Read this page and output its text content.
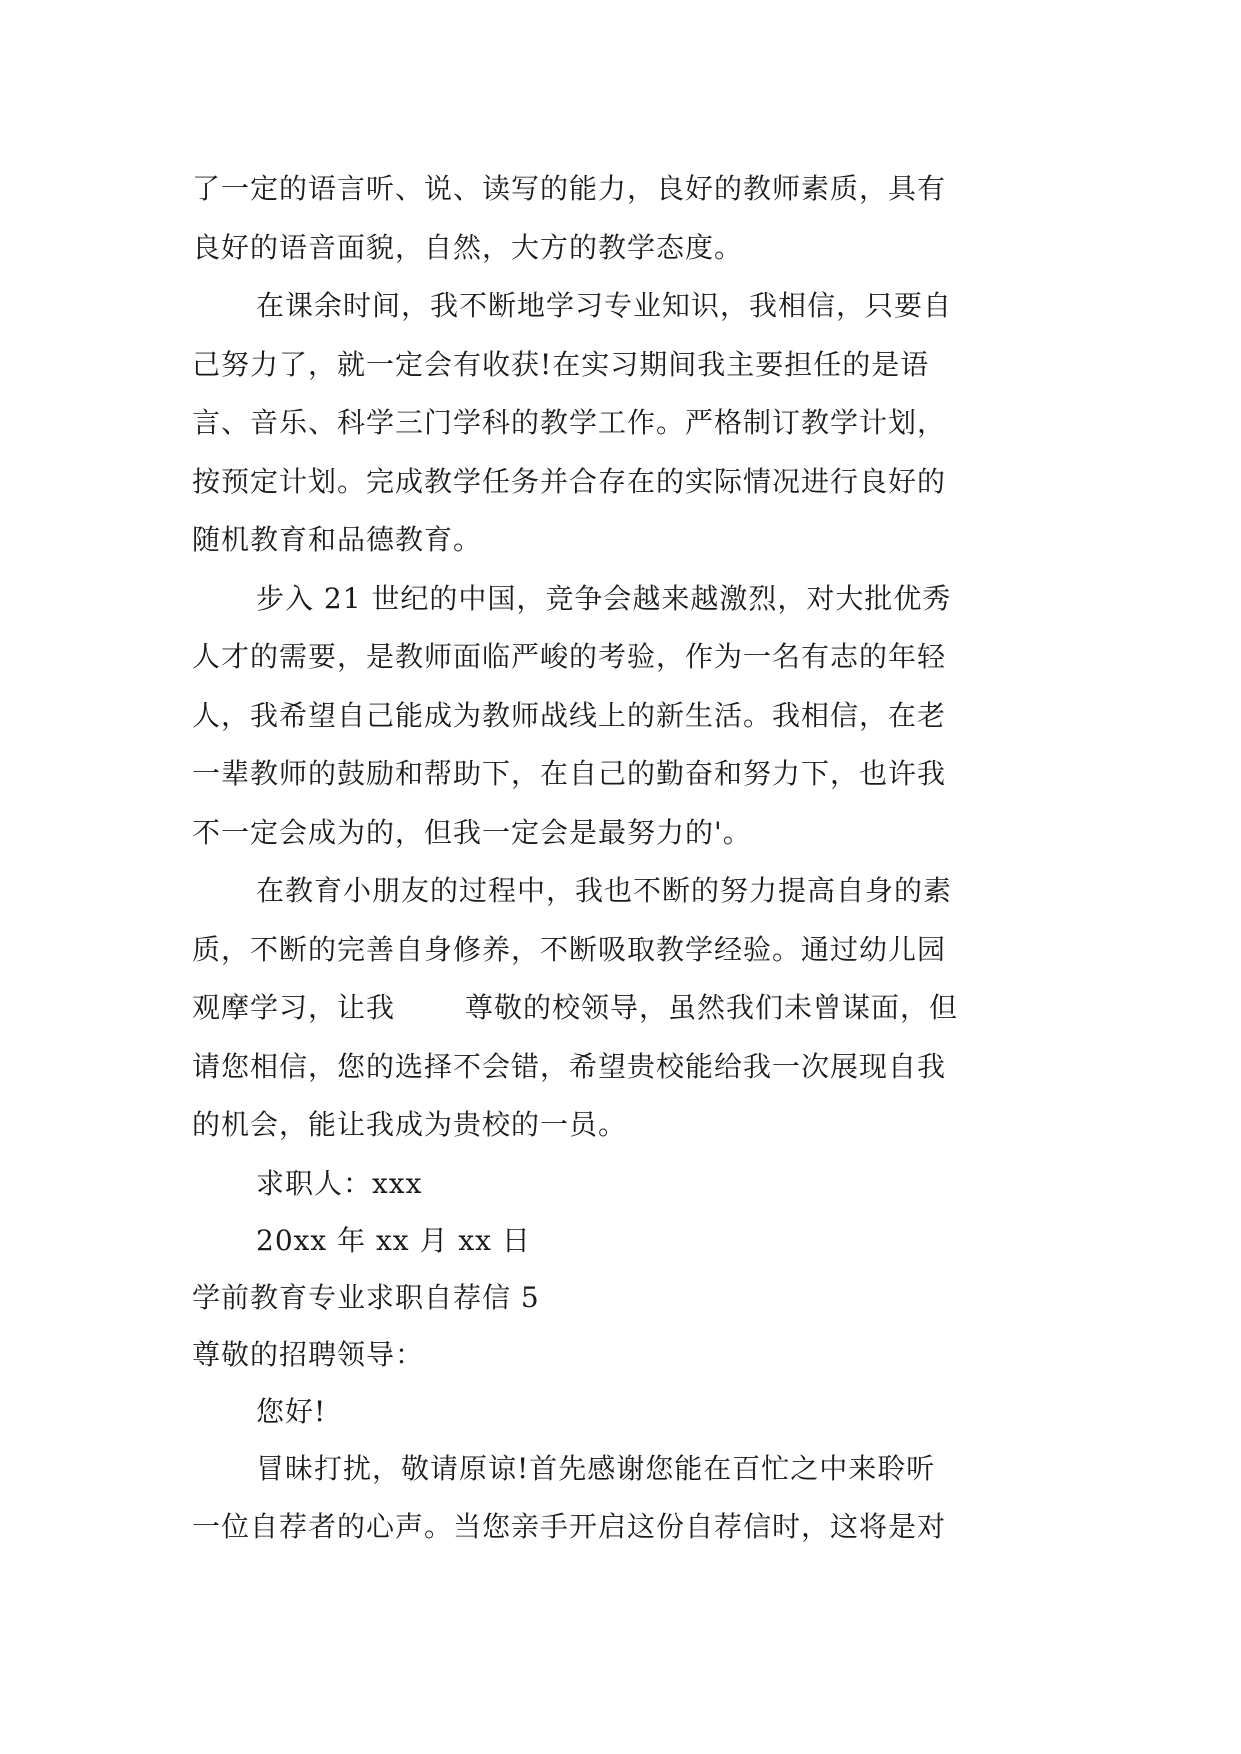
了一定的语言听、说、读写的能力，良好的教师素质，具有
良好的语音面貌，自然，大方的教学态度。
在课余时间，我不断地学习专业知识，我相信，只要自
己努力了，就一定会有收获!在实习期间我主要担任的是语
言、音乐、科学三门学科的教学工作。严格制订教学计划，
按预定计划。完成教学任务并合存在的实际情况进行良好的
随机教育和品德教育。
步入 21 世纪的中国，竞争会越来越激烈，对大批优秀
人才的需要，是教师面临严峻的考验，作为一名有志的年轻
人，我希望自己能成为教师战线上的新生活。我相信，在老
一辈教师的鼓励和帮助下，在自己的勤奋和努力下，也许我
不一定会成为的，但我一定会是最努力的'。
在教育小朋友的过程中，我也不断的努力提高自身的素
质，不断的完善自身修养，不断吸取教学经验。通过幼儿园
观摩学习，让我	尊敬的校领导，虽然我们未曾谋面，但
请您相信，您的选择不会错，希望贵校能给我一次展现自我
的机会，能让我成为贵校的一员。
求职人：xxx
20xx 年 xx 月 xx 日
学前教育专业求职自荐信 5
尊敬的招聘领导：
您好!
冒昧打扰，敬请原谅!首先感谢您能在百忙之中来聆听
一位自荐者的心声。当您亲手开启这份自荐信时，这将是对
